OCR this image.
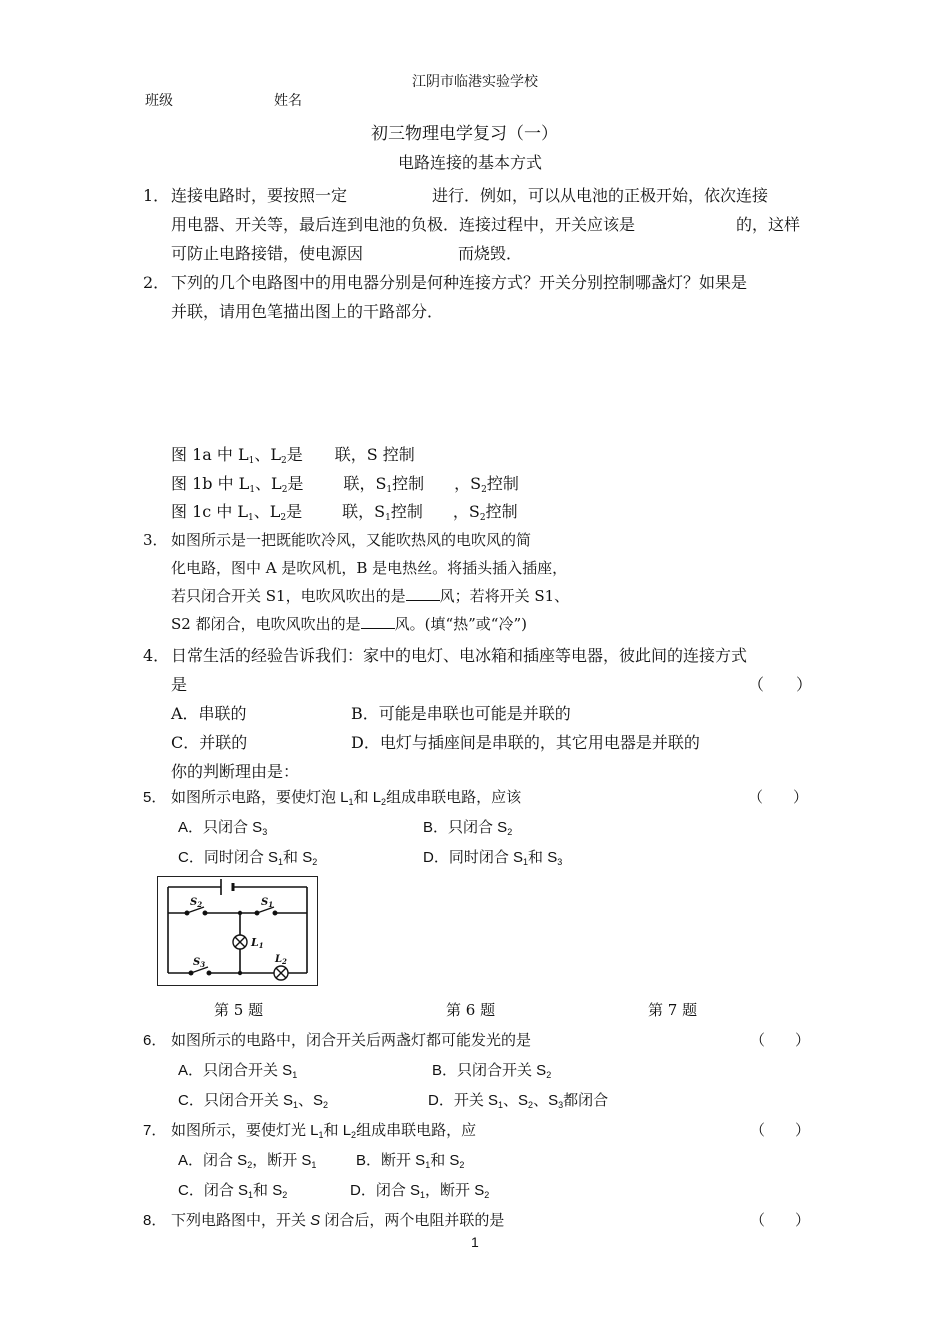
江阴市临港实验学校
班级	姓名
初三物理电学复习（一）
电路连接的基本方式
1． 连接电路时，要按照一定	进行．例如，可以从电池的正极开始，依次连接
用电器、开关等，最后连到电池的负极．连接过程中，开关应该是	的，这样
可防止电路接错，使电源因	而烧毁．
2． 下列的几个电路图中的用电器分别是何种连接方式？开关分别控制哪盏灯？如果是
并联，请用色笔描出图上的干路部分．
图 1a 中 $L_1$、$L_2$是 联，S 控制
图 1b 中 $L_1$、$L_2$是	联，$S_1$控制 ，$S_2$控制
图 1c 中 $L_1$、$L_2$是	联，$S_1$控制 ，$S_2$控制
3． 如图所示是一把既能吹冷风，又能吹热风的电吹风的简
化电路，图中 A 是吹风机，B 是电热丝。将插头插入插座，
若只闭合开关 S1，电吹风吹出的是 风；若将开关 S1、
S2 都闭合，电吹风吹出的是 风。(填“热”或“冷”)
4． 日常生活的经验告诉我们：家中的电灯、电冰箱和插座等电器，彼此间的连接方式
是	（　　）
A．串联的	B．可能是串联也可能是并联的
C．并联的	D．电灯与插座间是串联的，其它用电器是并联的
你的判断理由是：
5． 如图所示电路，要使灯泡 $L_1$和 $L_2$组成串联电路，应该	（　　）
A．只闭合 $S_3$	B．只闭合 $S_2$
C．同时闭合 $S_1$和 $S_2$	D．同时闭合 $S_1$和 $S_3$
$S_2$	$S_1$
L1
$L_2$
$S_3$
第 5 题	第 6 题	第 7 题
6． 如图所示的电路中，闭合开关后两盏灯都可能发光的是	（　　）
A．只闭合开关 $S_1$	B．只闭合开关 $S_2$
C．只闭合开关 $S_1$、$S_2$	D．开关 $S_1$、$S_2$、$S_3$都闭合
7． 如图所示，要使灯光 $L_1$和 $L_2$组成串联电路，应	（　　）
A．闭合 $S_2$，断开 $S_1$	B．断开 $S_1$和 $S_2$
C．闭合 $S_1$和 $S_2$	D．闭合 $S_1$，断开 $S_2$
8． 下列电路图中，开关 S 闭合后，两个电阻并联的是	（　　）
1
